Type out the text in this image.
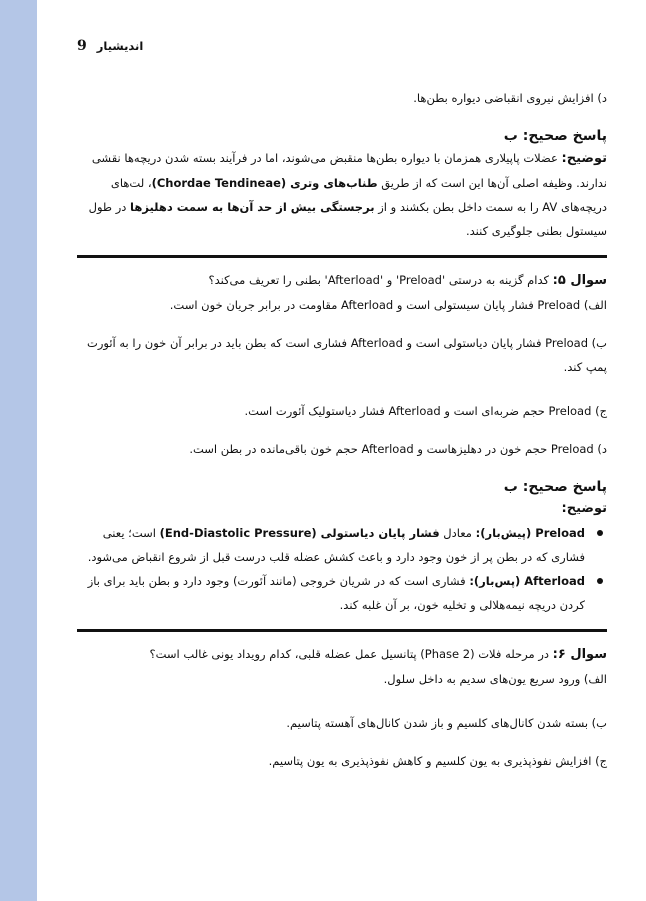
9 اندیشیار

د) افزایش نیروی انقباضی دیواره بطن‌ها.

پاسخ صحیح: ب

توضیح: عضلات پاپیلاری همزمان با دیواره بطن‌ها منقبض می‌شوند، اما در فرآیند بسته شدن دریچه‌ها نقشی ندارند. وظیفه اصلی آن‌ها این است که از طریق طناب‌های وتری (Chordae Tendineae)، لت‌های دریچه‌های AV را به سمت داخل بطن بکشند و از برجستگی بیش از حد آن‌ها به سمت دهلیزها در طول سیستول بطنی جلوگیری کنند.

سوال ۵: کدام گزینه به درستی 'Preload' و 'Afterload' بطنی را تعریف می‌کند؟

الف) Preload فشار پایان سیستولی است و Afterload مقاومت در برابر جریان خون است.

ب) Preload فشار پایان دیاستولی است و Afterload فشاری است که بطن باید در برابر آن خون را به آئورت پمپ کند.

ج) Preload حجم ضربه‌ای است و Afterload فشار دیاستولیک آئورت است.

د) Preload حجم خون در دهلیزهاست و Afterload حجم خون باقی‌مانده در بطن است.

پاسخ صحیح: ب

توضیح:

Preload (پیش‌بار): معادل فشار پایان دیاستولی (End-Diastolic Pressure) است؛ یعنی فشاری که در بطن پر از خون وجود دارد و باعث کشش عضله قلب درست قبل از شروع انقباض می‌شود.
Afterload (پس‌بار): فشاری است که در شریان خروجی (مانند آئورت) وجود دارد و بطن باید برای باز کردن دریچه نیمه‌هلالی و تخلیه خون، بر آن غلبه کند.

سوال ۶: در مرحله فلات (Phase 2) پتانسیل عمل عضله قلبی، کدام رویداد یونی غالب است؟

الف) ورود سریع یون‌های سدیم به داخل سلول.

ب) بسته شدن کانال‌های کلسیم و باز شدن کانال‌های آهسته پتاسیم.

ج) افزایش نفوذپذیری به یون کلسیم و کاهش نفوذپذیری به یون پتاسیم.
